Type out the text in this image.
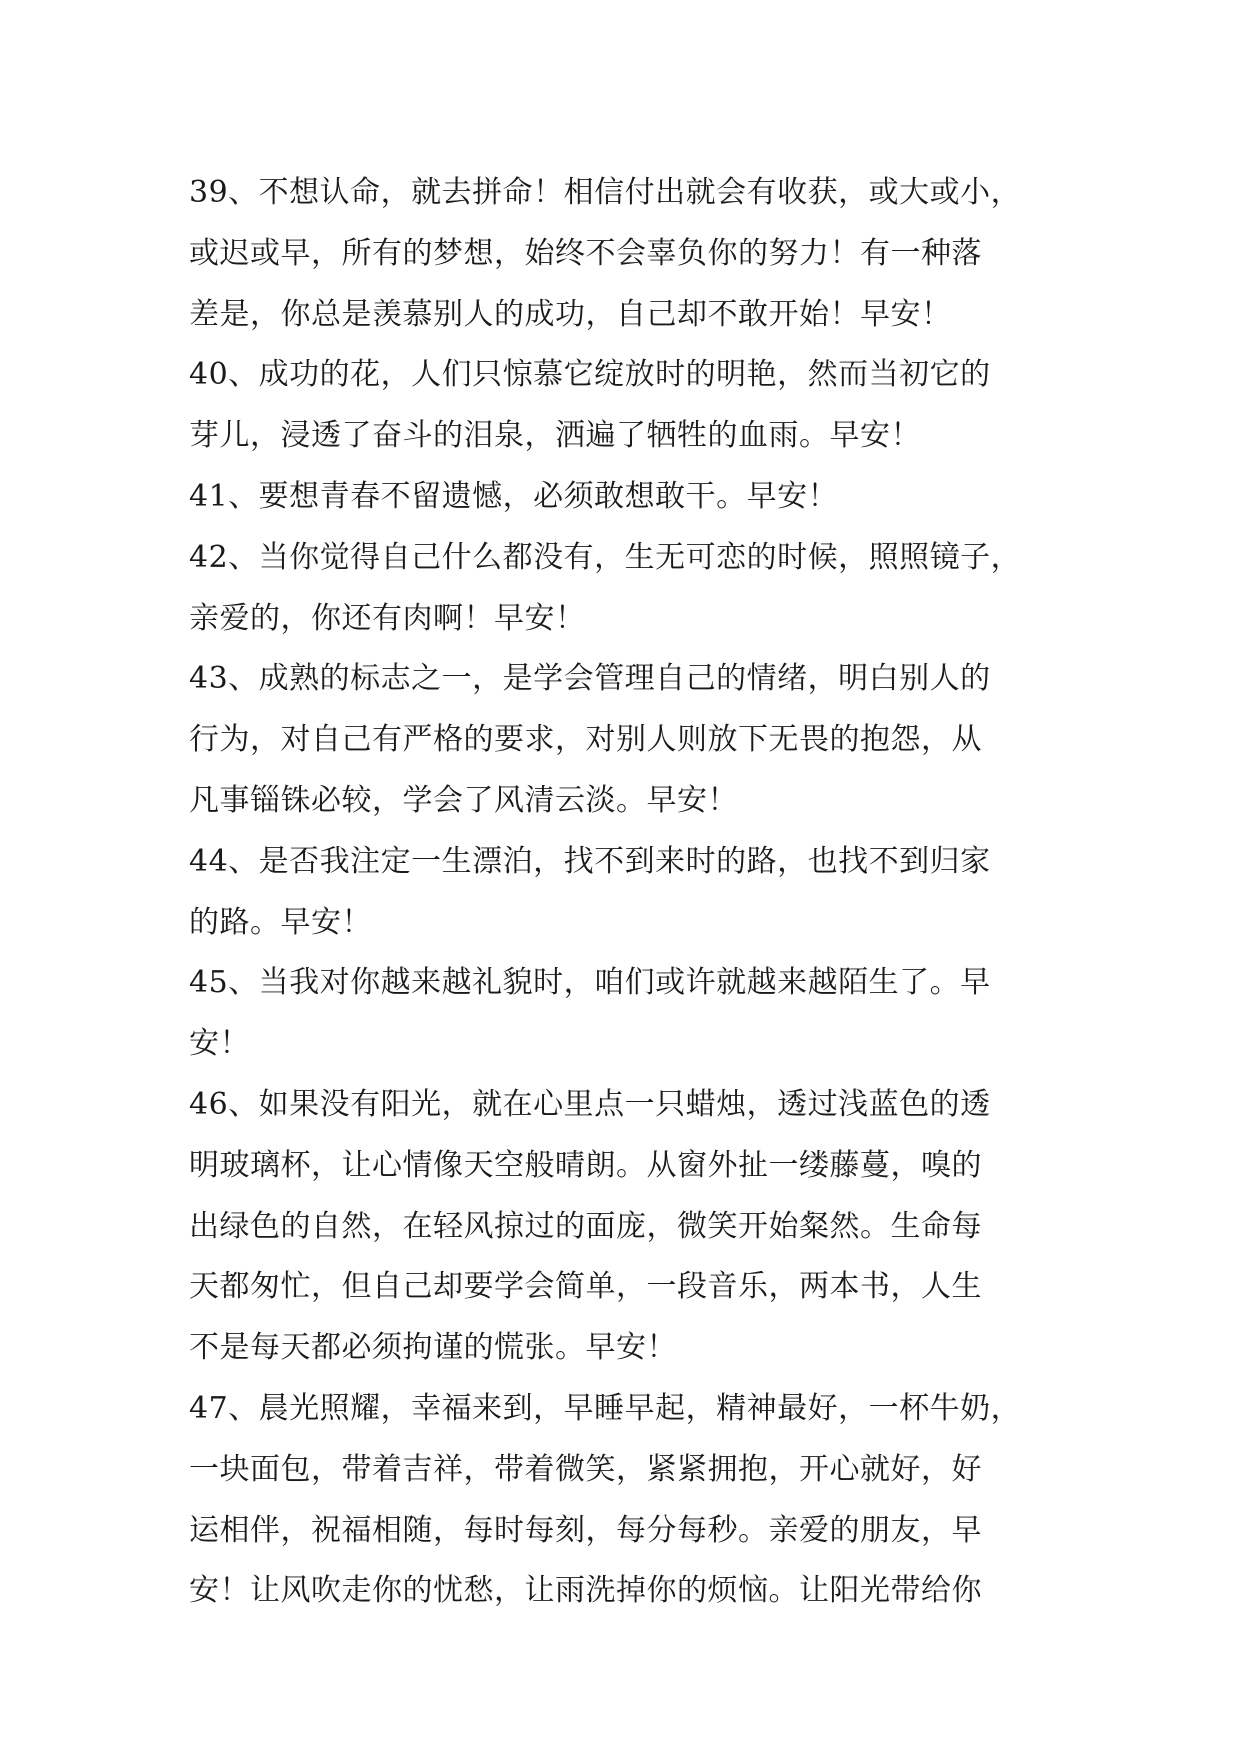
39、不想认命，就去拼命！相信付出就会有收获，或大或小，
或迟或早，所有的梦想，始终不会辜负你的努力！有一种落
差是，你总是羡慕别人的成功，自己却不敢开始！早安！
40、成功的花，人们只惊慕它绽放时的明艳，然而当初它的
芽儿，浸透了奋斗的泪泉，洒遍了牺牲的血雨。早安！
41、要想青春不留遗憾，必须敢想敢干。早安！
42、当你觉得自己什么都没有，生无可恋的时候，照照镜子，
亲爱的，你还有肉啊！早安！
43、成熟的标志之一，是学会管理自己的情绪，明白别人的
行为，对自己有严格的要求，对别人则放下无畏的抱怨，从
凡事锱铢必较，学会了风清云淡。早安！
44、是否我注定一生漂泊，找不到来时的路，也找不到归家
的路。早安！
45、当我对你越来越礼貌时，咱们或许就越来越陌生了。早
安！
46、如果没有阳光，就在心里点一只蜡烛，透过浅蓝色的透
明玻璃杯，让心情像天空般晴朗。从窗外扯一缕藤蔓，嗅的
出绿色的自然，在轻风掠过的面庞，微笑开始粲然。生命每
天都匆忙，但自己却要学会简单，一段音乐，两本书，人生
不是每天都必须拘谨的慌张。早安！
47、晨光照耀，幸福来到，早睡早起，精神最好，一杯牛奶，
一块面包，带着吉祥，带着微笑，紧紧拥抱，开心就好，好
运相伴，祝福相随，每时每刻，每分每秒。亲爱的朋友，早
安！让风吹走你的忧愁，让雨洗掉你的烦恼。让阳光带给你
